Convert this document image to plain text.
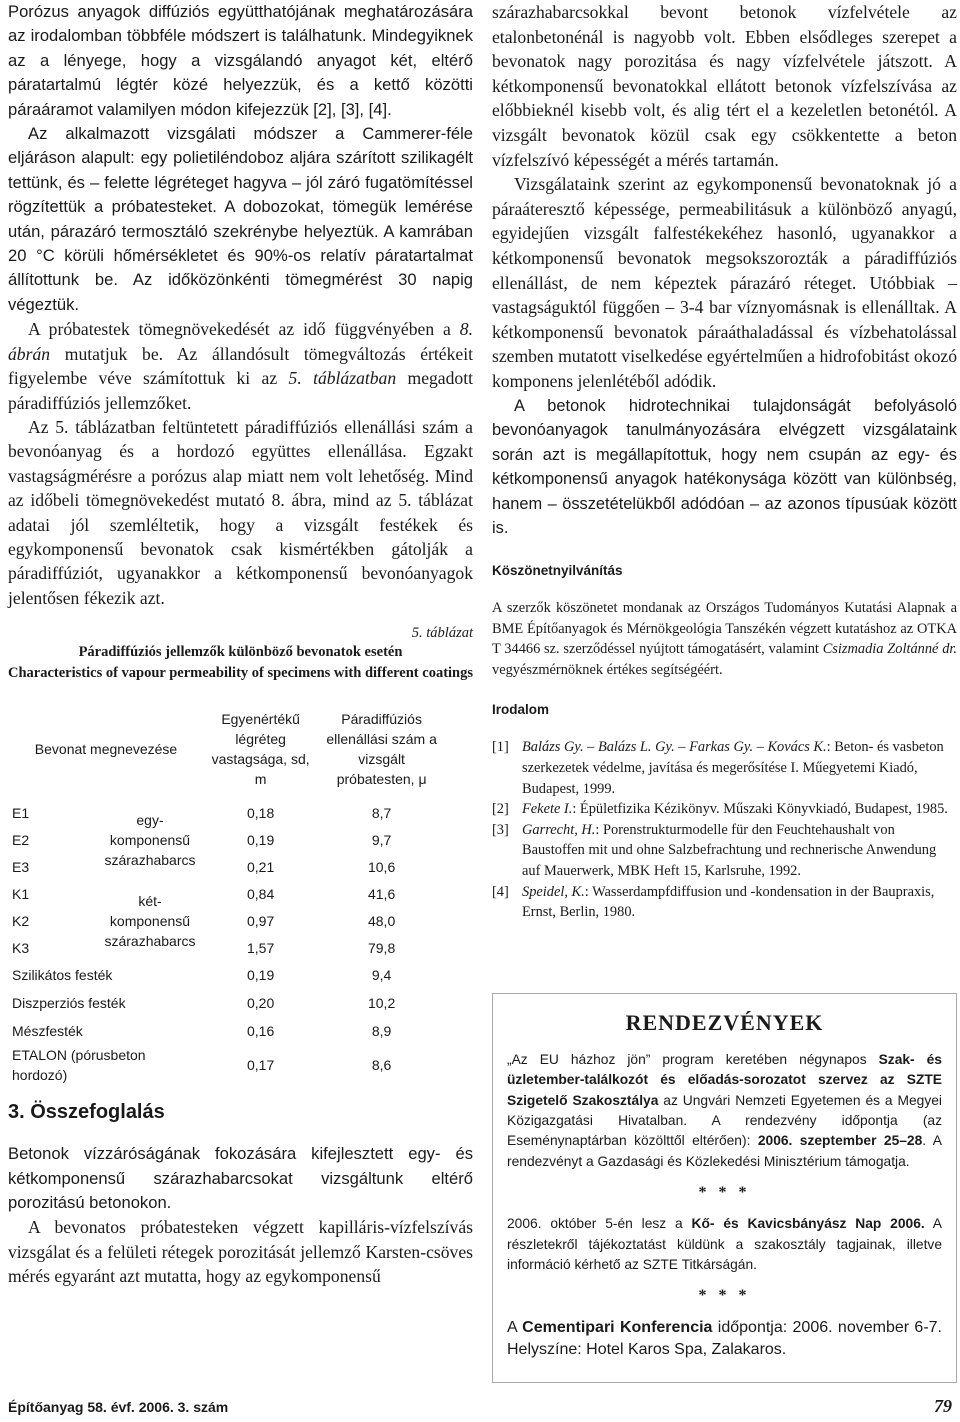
Porózus anyagok diffúziós együtthatójának meghatározására az irodalomban többféle módszert is találhatunk. Mindegyiknek az a lényege, hogy a vizsgálandó anyagot két, eltérő páratartalmú légtér közé helyezzük, és a kettő közötti páraáramot valamilyen módon kifejezzük [2], [3], [4].

Az alkalmazott vizsgálati módszer a Cammerer-féle eljáráson alapult: egy polietiléndoboz aljára szárított szilikagélt tettünk, és – felette légréteget hagyva – jól záró fugatömítéssel rögzítettük a próbatesteket. A dobozokat, tömegük lemérése után, párazáró termosztáló szekrénybe helyeztük. A kamrában 20 °C körüli hőmérsékletet és 90%-os relatív páratartalmat állítottunk be. Az időközönkénti tömegmérést 30 napig végeztük.

A próbatestek tömegnövekedését az idő függvényében a 8. ábrán mutatjuk be. Az állandósult tömegváltozás értékeit figyelembe véve számítottuk ki az 5. táblázatban megadott páradiffúziós jellemzőket.

Az 5. táblázatban feltüntetett páradiffúziós ellenállási szám a bevonóanyag és a hordozó együttes ellenállása. Egzakt vastagságmérésre a porózus alap miatt nem volt lehetőség. Mind az időbeli tömegnövekedést mutató 8. ábra, mind az 5. táblázat adatai jól szemléltetik, hogy a vizsgált festékek és egykomponensű bevonatok csak kismértékben gátolják a páradiffúziót, ugyanakkor a kétkomponensű bevonóanyagok jelentősen fékezik azt.

5. táblázat
Páradiffúziós jellemzők különböző bevonatok esetén
Characteristics of vapour permeability of specimens with different coatings
Bevonat megnevezése		Egyenértékű légréteg vastagsága, sd, m	Páradiffúziós ellenállási szám a vizsgált próbatesten, μ
E1	egy-komponensű szárazhabarcs	0,18	8,7
E2		0,19	9,7
E3		0,21	10,6
K1	két-komponensű szárazhabarcs	0,84	41,6
K2		0,97	48,0
K3		1,57	79,8
Szilikátos festék		0,19	9,4
Diszperziós festék		0,20	10,2
Mészfesték		0,16	8,9
ETALON (pórusbeton hordozó)		0,17	8,6
3. Összefoglalás

Betonok vízzáróságának fokozására kifejlesztett egy- és kétkomponensű szárazhabarcsokat vizsgáltunk eltérő porozitású betonokon.

A bevonatos próbatesteken végzett kapilláris-vízfelszívás vizsgálat és a felületi rétegek porozitását jellemző Karsten-csöves mérés egyaránt azt mutatta, hogy az egykomponensű

szárazhabarcsokkal bevont betonok vízfelvétele az etalonbetonénál is nagyobb volt. Ebben elsődleges szerepet a bevonatok nagy porozitása és nagy vízfelvétele játszott. A kétkomponensű bevonatokkal ellátott betonok vízfelszívása az előbbieknél kisebb volt, és alig tért el a kezeletlen betonétól. A vizsgált bevonatok közül csak egy csökkentette a beton vízfelszívó képességét a mérés tartamán.

Vizsgálataink szerint az egykomponensű bevonatoknak jó a páraáteresztő képessége, permeabilitásuk a különböző anyagú, egyidejűen vizsgált falfestékekéhez hasonló, ugyanakkor a kétkomponensű bevonatok megsokszorozták a páradiffúziós ellenállást, de nem képeztek párazáró réteget. Utóbbiak – vastagságuktól függően – 3-4 bar víznyomásnak is ellenálltak. A kétkomponensű bevonatok páraáthaladással és vízbehatolással szemben mutatott viselkedése egyértelműen a hidrofobitást okozó komponens jelenlétéből adódik.

A betonok hidrotechnikai tulajdonságát befolyásoló bevonóanyagok tanulmányozására elvégzett vizsgálataink során azt is megállapítottuk, hogy nem csupán az egy- és kétkomponensű anyagok hatékonysága között van különbség, hanem – összetételükből adódóan – az azonos típusúak között is.

Köszönetnyilvánítás

A szerzők köszönetet mondanak az Országos Tudományos Kutatási Alapnak a BME Építőanyagok és Mérnökgeológia Tanszékén végzett kutatáshoz az OTKA T 34466 sz. szerződéssel nyújtott támogatásért, valamint Csizmadia Zoltánné dr. vegyészmérnöknek értékes segítségéért.

Irodalom
[1] Balázs Gy. – Balázs L. Gy. – Farkas Gy. – Kovács K.: Beton- és vasbeton szerkezetek védelme, javítása és megerősítése I. Műegyetemi Kiadó, Budapest, 1999.
[2] Fekete I.: Épületfizika Kézikönyv. Műszaki Könyvkiadó, Budapest, 1985.
[3] Garrecht, H.: Porenstrukturmodelle für den Feuchtehaushalt von Baustoffen mit und ohne Salzbefrachtung und rechnerische Anwendung auf Mauerwerk, MBK Heft 15, Karlsruhe, 1992.
[4] Speidel, K.: Wasserdampfdiffusion und -kondensation in der Baupraxis, Ernst, Berlin, 1980.
RENDEZVÉNYEK

„Az EU házhoz jön” program keretében négynapos Szak- és üzletember-találkozót és előadás-sorozatot szervez az SZTE Szigetelő Szakosztálya az Ungvári Nemzeti Egyetemen és a Megyei Közigazgatási Hivatalban. A rendezvény időpontja (az Eseménynaptárban közölttől eltérően): 2006. szeptember 25–28. A rendezvényt a Gazdasági és Közlekedési Minisztérium támogatja.

* * *

2006. október 5-én lesz a Kő- és Kavicsbányász Nap 2006. A részletekről tájékoztatást küldünk a szakosztály tagjainak, illetve információ kérhető az SZTE Titkárságán.

* * *

A Cementipari Konferencia időpontja: 2006. november 6-7. Helyszíne: Hotel Karos Spa, Zalakaros.

Építőanyag 58. évf. 2006. 3. szám	79
